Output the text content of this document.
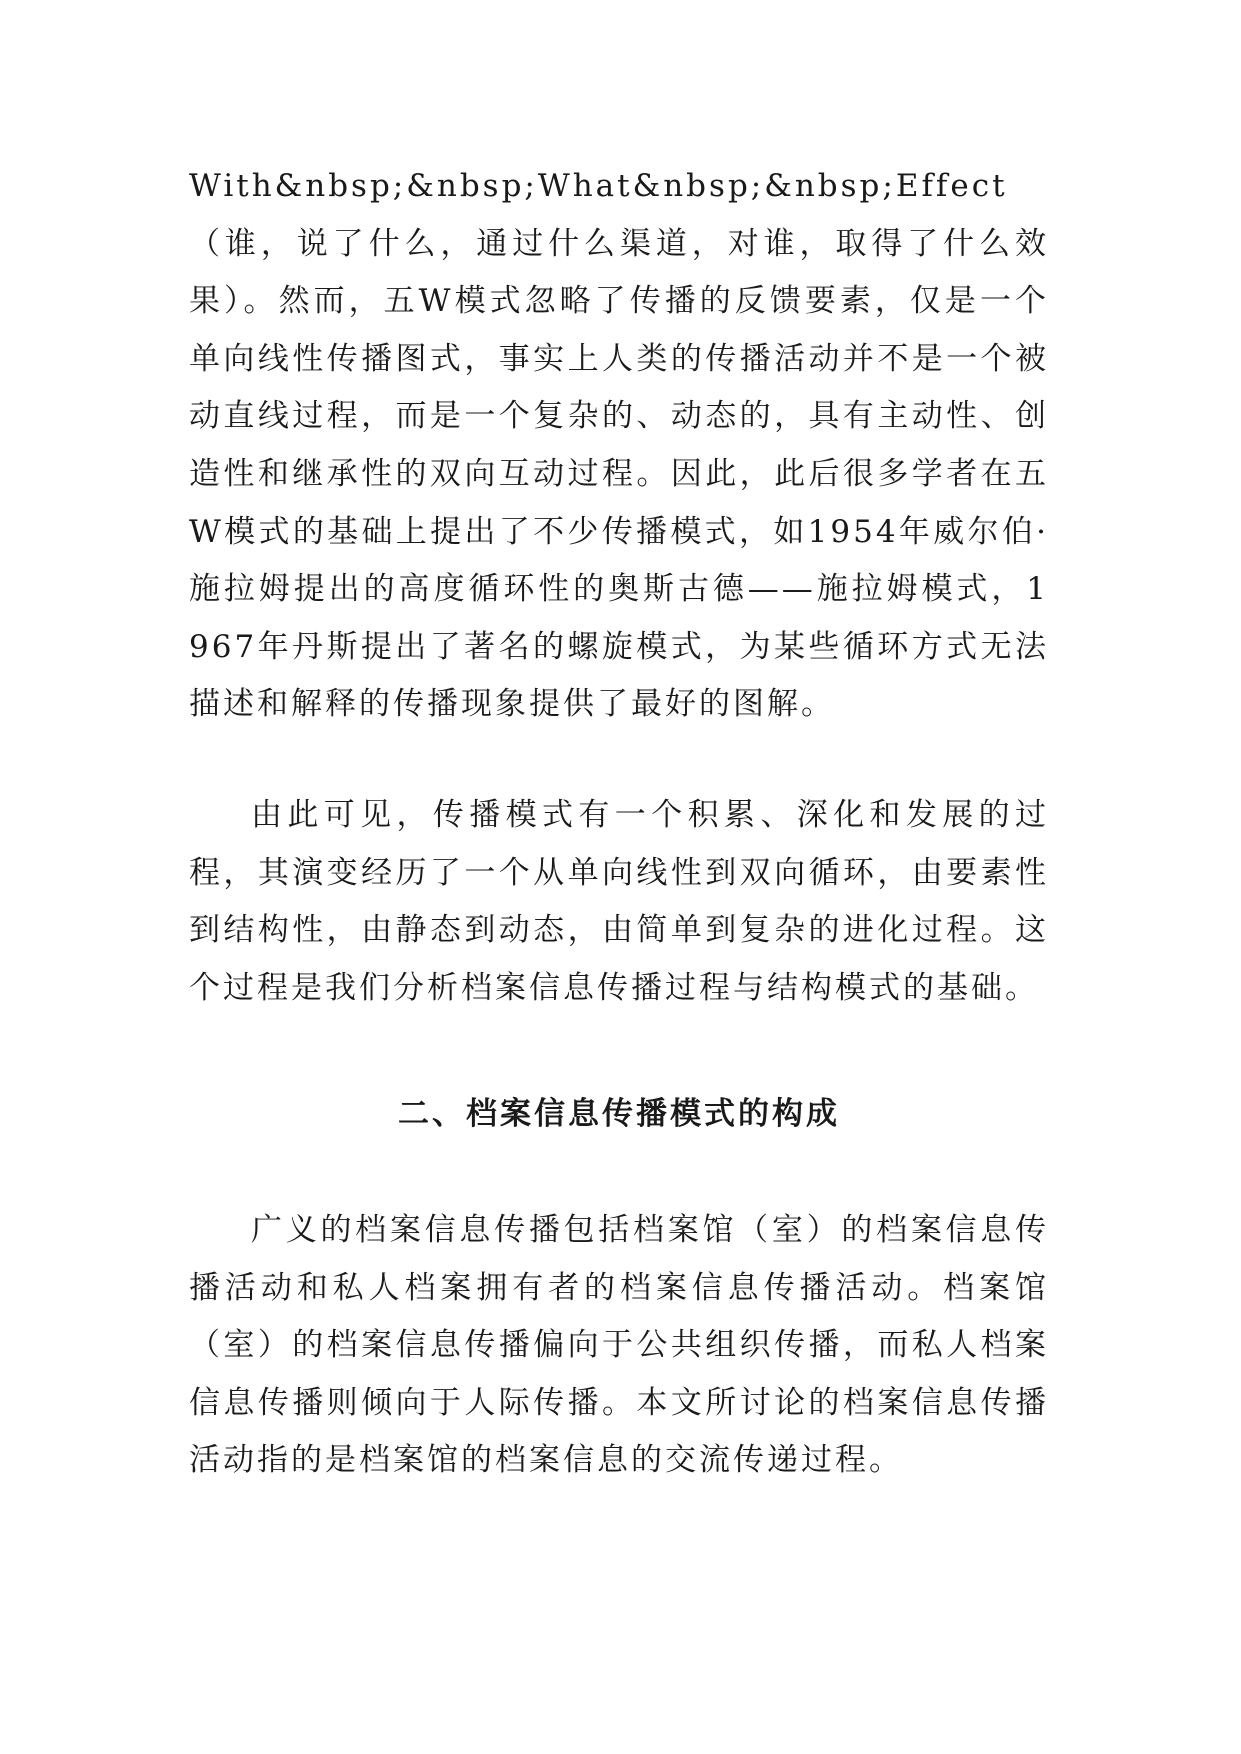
With&nbsp;&nbsp;What&nbsp;&nbsp;Effect（谁，说了什么，通过什么渠道，对谁，取得了什么效果）。然而，五W模式忽略了传播的反馈要素，仅是一个单向线性传播图式，事实上人类的传播活动并不是一个被动直线过程，而是一个复杂的、动态的，具有主动性、创造性和继承性的双向互动过程。因此，此后很多学者在五W模式的基础上提出了不少传播模式，如1954年威尔伯·施拉姆提出的高度循环性的奥斯古德——施拉姆模式，1967年丹斯提出了著名的螺旋模式，为某些循环方式无法描述和解释的传播现象提供了最好的图解。

由此可见，传播模式有一个积累、深化和发展的过程，其演变经历了一个从单向线性到双向循环，由要素性到结构性，由静态到动态，由简单到复杂的进化过程。这个过程是我们分析档案信息传播过程与结构模式的基础。

二、档案信息传播模式的构成

广义的档案信息传播包括档案馆（室）的档案信息传播活动和私人档案拥有者的档案信息传播活动。档案馆（室）的档案信息传播偏向于公共组织传播，而私人档案信息传播则倾向于人际传播。本文所讨论的档案信息传播活动指的是档案馆的档案信息的交流传递过程。
